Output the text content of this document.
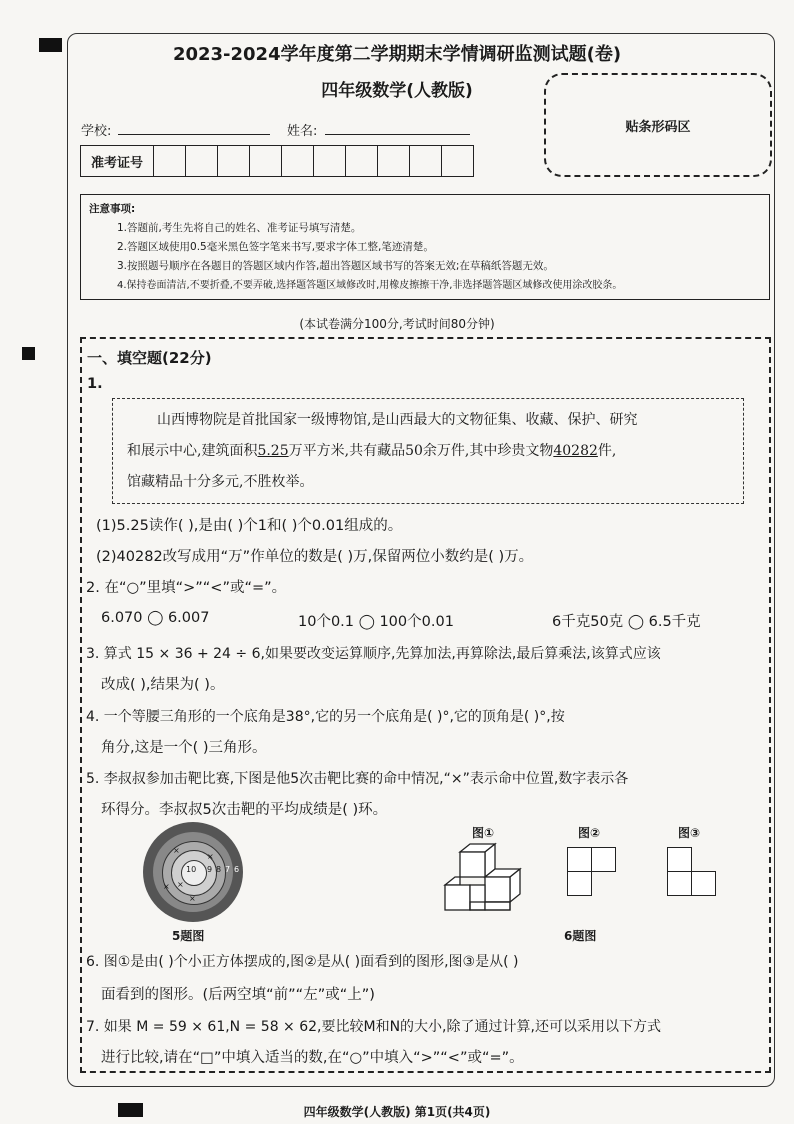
2023-2024学年度第二学期期末学情调研监测试题(卷)
四年级数学(人教版)
学校:	姓名:
准考证号
贴条形码区
注意事项:
1.答题前,考生先将自己的姓名、准考证号填写清楚。
2.答题区域使用0.5毫米黑色签字笔来书写,要求字体工整,笔迹清楚。
3.按照题号顺序在各题目的答题区域内作答,超出答题区域书写的答案无效;在草稿纸答题无效。
4.保持卷面清洁,不要折叠,不要弄破,选择题答题区域修改时,用橡皮擦擦干净,非选择题答题区域修改使用涂改胶条。
(本试卷满分100分,考试时间80分钟)
一、填空题(22分)
1.
山西博物院是首批国家一级博物馆,是山西最大的文物征集、收藏、保护、研究
和展示中心,建筑面积5.25万平方米,共有藏品50余万件,其中珍贵文物40282件,
馆藏精品十分多元,不胜枚举。
(1)5.25读作( ),是由( )个1和( )个0.01组成的。
(2)40282改写成用“万”作单位的数是( )万,保留两位小数约是( )万。
2. 在“○”里填“>”“<”或“=”。
6.070 ◯ 6.007	10个0.1 ◯ 100个0.01	6千克50克 ◯ 6.5千克
3. 算式 15 × 36 + 24 ÷ 6,如果要改变运算顺序,先算加法,再算除法,最后算乘法,该算式应该
改成( ),结果为( )。
4. 一个等腰三角形的一个底角是38°,它的另一个底角是( )°,它的顶角是( )°,按
角分,这是一个( )三角形。
5. 李叔叔参加击靶比赛,下图是他5次击靶比赛的命中情况,“×”表示命中位置,数字表示各
环得分。李叔叔5次击靶的平均成绩是( )环。
10 9 8 7 6
×
×
×
×
×
5题图
图①	图②	图③
6题图
6. 图①是由( )个小正方体摆成的,图②是从( )面看到的图形,图③是从( )
面看到的图形。(后两空填“前”“左”或“上”)
7. 如果 M = 59 × 61,N = 58 × 62,要比较M和N的大小,除了通过计算,还可以采用以下方式
进行比较,请在“□”中填入适当的数,在“○”中填入“>”“<”或“=”。
四年级数学(人教版) 第1页(共4页)
